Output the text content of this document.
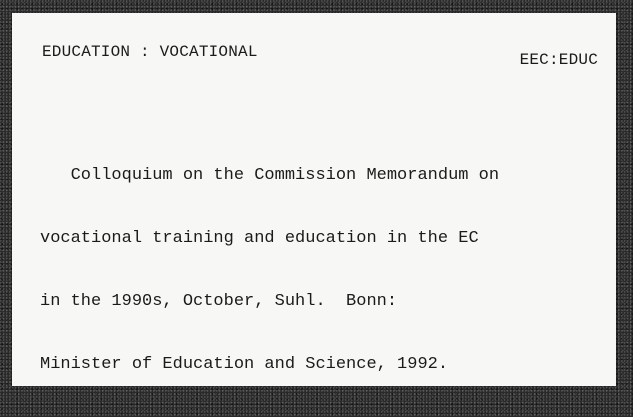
EDUCATION : VOCATIONAL	EEC:EDUC

Colloquium on the Commission Memorandum on

vocational training and education in the EC

in the 1990s, October, Suhl.  Bonn:

Minister of Education and Science, 1992.
